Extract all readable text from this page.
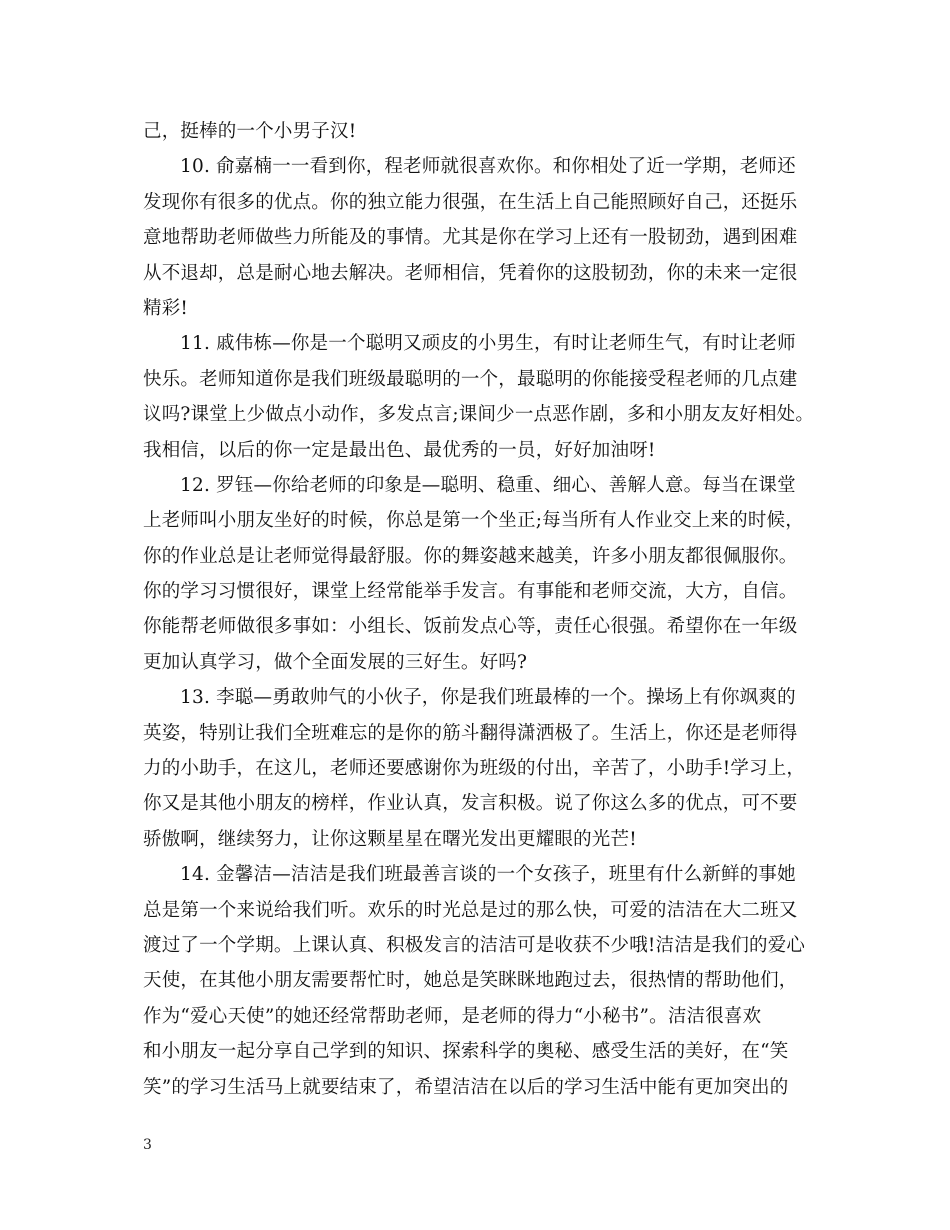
己，挺棒的一个小男子汉!
10. 俞嘉楠一一看到你，程老师就很喜欢你。和你相处了近一学期，老师还
发现你有很多的优点。你的独立能力很强，在生活上自己能照顾好自己，还挺乐
意地帮助老师做些力所能及的事情。尤其是你在学习上还有一股韧劲，遇到困难
从不退却，总是耐心地去解决。老师相信，凭着你的这股韧劲，你的未来一定很
精彩!
11. 戚伟栋—你是一个聪明又顽皮的小男生，有时让老师生气，有时让老师
快乐。老师知道你是我们班级最聪明的一个，最聪明的你能接受程老师的几点建
议吗?课堂上少做点小动作，多发点言;课间少一点恶作剧，多和小朋友友好相处。
我相信，以后的你一定是最出色、最优秀的一员，好好加油呀!
12. 罗钰—你给老师的印象是—聪明、稳重、细心、善解人意。每当在课堂
上老师叫小朋友坐好的时候，你总是第一个坐正;每当所有人作业交上来的时候，
你的作业总是让老师觉得最舒服。你的舞姿越来越美，许多小朋友都很佩服你。
你的学习习惯很好，课堂上经常能举手发言。有事能和老师交流，大方，自信。
你能帮老师做很多事如：小组长、饭前发点心等，责任心很强。希望你在一年级
更加认真学习，做个全面发展的三好生。好吗?
13. 李聪—勇敢帅气的小伙子，你是我们班最棒的一个。操场上有你飒爽的
英姿，特别让我们全班难忘的是你的筋斗翻得潇洒极了。生活上，你还是老师得
力的小助手，在这儿，老师还要感谢你为班级的付出，辛苦了，小助手!学习上，
你又是其他小朋友的榜样，作业认真，发言积极。说了你这么多的优点，可不要
骄傲啊，继续努力，让你这颗星星在曙光发出更耀眼的光芒!
14. 金馨洁—洁洁是我们班最善言谈的一个女孩子，班里有什么新鲜的事她
总是第一个来说给我们听。欢乐的时光总是过的那么快，可爱的洁洁在大二班又
渡过了一个学期。上课认真、积极发言的洁洁可是收获不少哦!洁洁是我们的爱心
天使，在其他小朋友需要帮忙时，她总是笑眯眯地跑过去，很热情的帮助他们，
作为“爱心天使”的她还经常帮助老师，是老师的得力“小秘书”。洁洁很喜欢
和小朋友一起分享自己学到的知识、探索科学的奥秘、感受生活的美好，在“笑
笑”的学习生活马上就要结束了，希望洁洁在以后的学习生活中能有更加突出的
3
